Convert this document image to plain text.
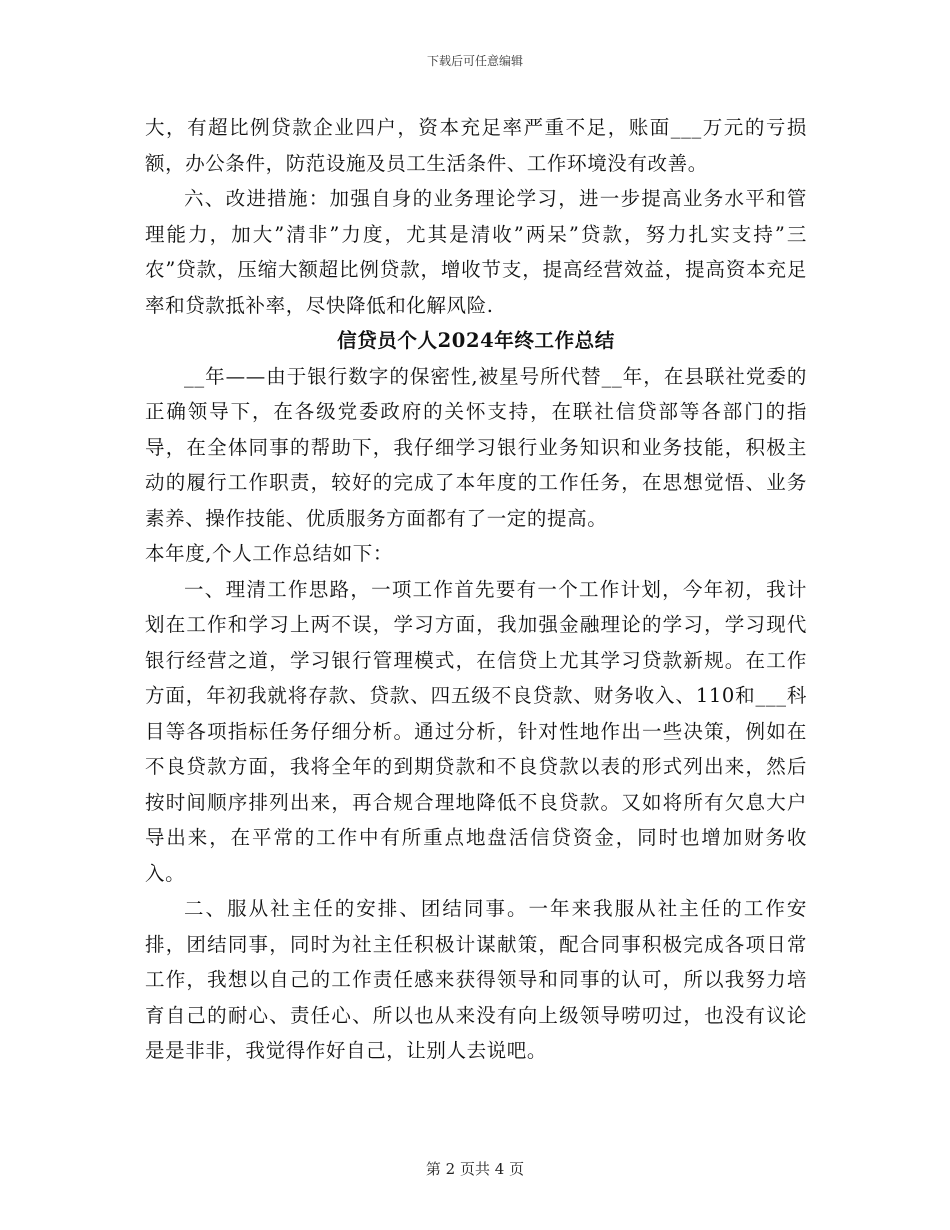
下载后可任意编辑

大，有超比例贷款企业四户，资本充足率严重不足，账面___万元的亏损额，办公条件，防范设施及员工生活条件、工作环境没有改善。

六、改进措施：加强自身的业务理论学习，进一步提高业务水平和管理能力，加大”清非”力度，尤其是清收”两呆”贷款，努力扎实支持”三农”贷款，压缩大额超比例贷款，增收节支，提高经营效益，提高资本充足率和贷款抵补率，尽快降低和化解风险.

信贷员个人2024年终工作总结

__年——由于银行数字的保密性,被星号所代替__年，在县联社党委的正确领导下，在各级党委政府的关怀支持，在联社信贷部等各部门的指导，在全体同事的帮助下，我仔细学习银行业务知识和业务技能，积极主动的履行工作职责，较好的完成了本年度的工作任务，在思想觉悟、业务素养、操作技能、优质服务方面都有了一定的提高。

本年度,个人工作总结如下：

一、理清工作思路，一项工作首先要有一个工作计划，今年初，我计划在工作和学习上两不误，学习方面，我加强金融理论的学习，学习现代银行经营之道，学习银行管理模式，在信贷上尤其学习贷款新规。在工作方面，年初我就将存款、贷款、四五级不良贷款、财务收入、110和___科目等各项指标任务仔细分析。通过分析，针对性地作出一些决策，例如在不良贷款方面，我将全年的到期贷款和不良贷款以表的形式列出来，然后按时间顺序排列出来，再合规合理地降低不良贷款。又如将所有欠息大户导出来，在平常的工作中有所重点地盘活信贷资金，同时也增加财务收入。

二、服从社主任的安排、团结同事。一年来我服从社主任的工作安排，团结同事，同时为社主任积极计谋献策，配合同事积极完成各项日常工作，我想以自己的工作责任感来获得领导和同事的认可，所以我努力培育自己的耐心、责任心、所以也从来没有向上级领导唠叨过，也没有议论是是非非，我觉得作好自己，让别人去说吧。

第 2 页共 4 页
